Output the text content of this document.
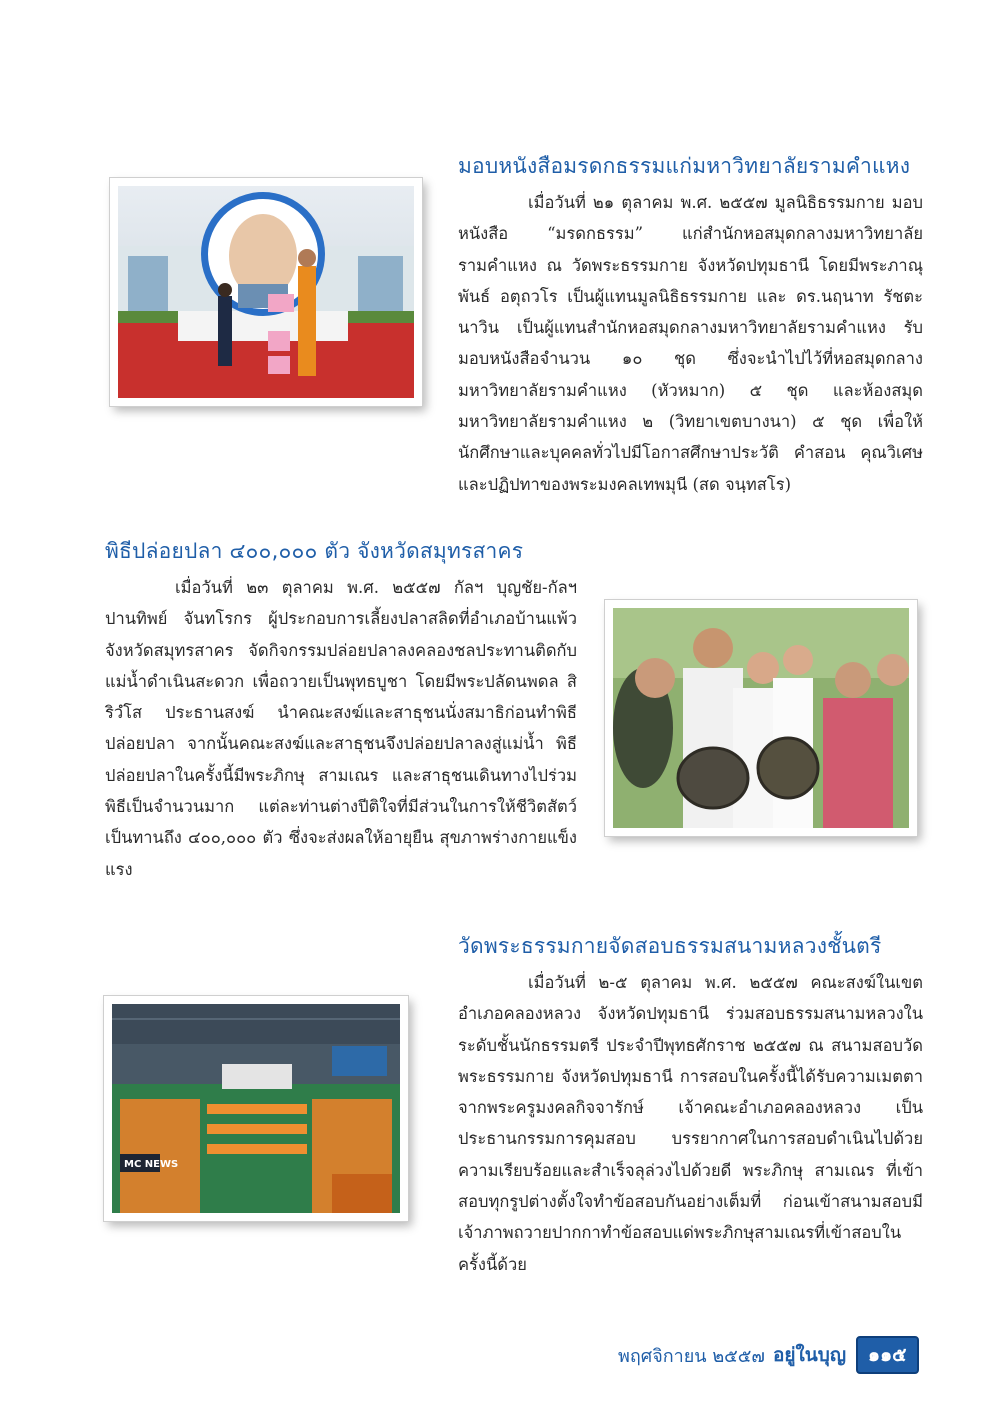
มอบหนังสือมรดกธรรมแก่มหาวิทยาลัยรามคำแหง

เมื่อวันที่ ๒๑ ตุลาคม พ.ศ. ๒๕๕๗ มูลนิธิธรรมกาย มอบหนังสือ “มรดกธรรม” แก่สำนักหอสมุดกลางมหาวิทยาลัยรามคำแหง ณ วัดพระธรรมกาย จังหวัดปทุมธานี โดยมีพระภาณุพันธ์ อตุถวโร เป็นผู้แทนมูลนิธิธรรมกาย และ ดร.นฤนาท รัชตะนาวิน เป็นผู้แทนสำนักหอสมุดกลางมหาวิทยาลัยรามคำแหง รับมอบหนังสือจำนวน ๑๐ ชุด ซึ่งจะนำไปไว้ที่หอสมุดกลางมหาวิทยาลัยรามคำแหง (หัวหมาก) ๕ ชุด และห้องสมุดมหาวิทยาลัยรามคำแหง ๒ (วิทยาเขตบางนา) ๕ ชุด เพื่อให้นักศึกษาและบุคคลทั่วไปมีโอกาสศึกษาประวัติ คำสอน คุณวิเศษ และปฏิปทาของพระมงคลเทพมุนี (สด จนฺทสโร)

พิธีปล่อยปลา ๔๐๐,๐๐๐ ตัว จังหวัดสมุทรสาคร

เมื่อวันที่ ๒๓ ตุลาคม พ.ศ. ๒๕๕๗ กัลฯ บุญชัย-กัลฯ ปานทิพย์ จันทโรกร ผู้ประกอบการเลี้ยงปลาสลิดที่อำเภอบ้านแพ้ว จังหวัดสมุทรสาคร จัดกิจกรรมปล่อยปลาลงคลองชลประทานติดกับแม่น้ำดำเนินสะดวก เพื่อถวายเป็นพุทธบูชา โดยมีพระปลัดนพดล สิริวํโส ประธานสงฆ์ นำคณะสงฆ์และสาธุชนนั่งสมาธิก่อนทำพิธีปล่อยปลา จากนั้นคณะสงฆ์และสาธุชนจึงปล่อยปลาลงสู่แม่น้ำ พิธีปล่อยปลาในครั้งนี้มีพระภิกษุ สามเณร และสาธุชนเดินทางไปร่วมพิธีเป็นจำนวนมาก แต่ละท่านต่างปีติใจที่มีส่วนในการให้ชีวิตสัตว์เป็นทานถึง ๔๐๐,๐๐๐ ตัว ซึ่งจะส่งผลให้อายุยืน สุขภาพร่างกายแข็งแรง

วัดพระธรรมกายจัดสอบธรรมสนามหลวงชั้นตรี

เมื่อวันที่ ๒-๕ ตุลาคม พ.ศ. ๒๕๕๗ คณะสงฆ์ในเขตอำเภอคลองหลวง จังหวัดปทุมธานี ร่วมสอบธรรมสนามหลวงในระดับชั้นนักธรรมตรี ประจำปีพุทธศักราช ๒๕๕๗ ณ สนามสอบวัดพระธรรมกาย จังหวัดปทุมธานี การสอบในครั้งนี้ได้รับความเมตตาจากพระครูมงคลกิจจารักษ์ เจ้าคณะอำเภอคลองหลวง เป็นประธานกรรมการคุมสอบ บรรยากาศในการสอบดำเนินไปด้วยความเรียบร้อยและสำเร็จลุล่วงไปด้วยดี พระภิกษุ สามเณร ที่เข้าสอบทุกรูปต่างตั้งใจทำข้อสอบกันอย่างเต็มที่ ก่อนเข้าสนามสอบมีเจ้าภาพถวายปากกาทำข้อสอบแด่พระภิกษุสามเณรที่เข้าสอบในครั้งนี้ด้วย

MC NEWS
พฤศจิกายน ๒๕๕๗ อยู่ในบุญ	๑๑๕
